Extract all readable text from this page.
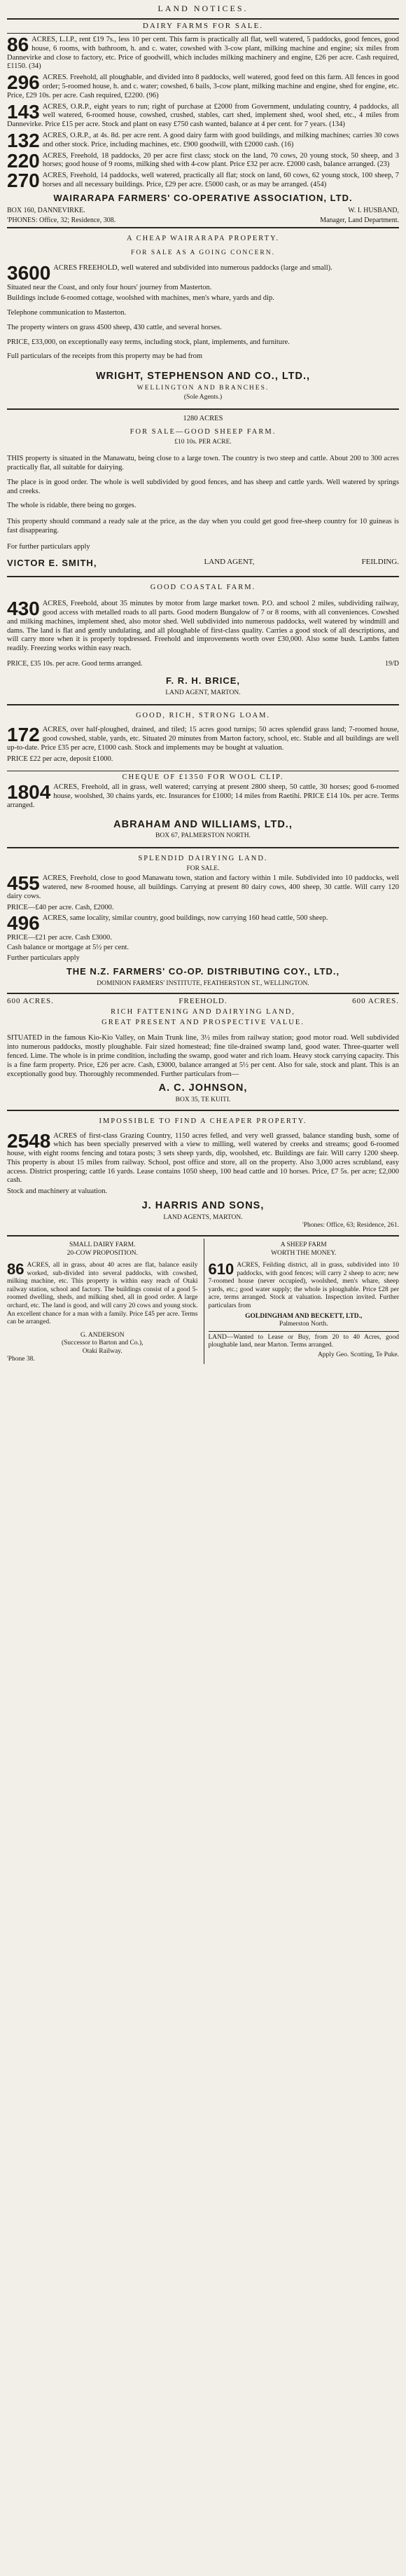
LAND NOTICES.
DAIRY FARMS FOR SALE.
86 ACRES, L.I.P., rent £19 7s., less 10 per cent. This farm is practically all flat, well watered, 5 paddocks, good fences, good house, 6 rooms, with bathroom, h. and c. water, cowshed with 3-cow plant, milking machine and engine; six miles from Dannevirke and close to factory, etc. Price of goodwill, which includes milking machinery and engine, £26 per acre. Cash required, £1150. (34)
296 ACRES. Freehold, all ploughable, and divided into 8 paddocks, well watered, good feed on this farm. All fences in good order; 5-roomed house, h. and c. water; cowshed, 6 bails, 3-cow plant, milking machine and engine, shed for engine, etc. Price, £29 10s. per acre. Cash required, £2200. (96)
143 ACRES, O.R.P., eight years to run; right of purchase at £2000 from Government, undulating country, 4 paddocks, all well watered, 6-roomed house, cowshed, crushed, stables, cart shed, implement shed, wool shed, etc., 4 miles from Dannevirke. Price £15 per acre. Stock and plant on easy £750 cash wanted, balance at 4 per cent. for 7 years. (134)
132 ACRES, O.R.P., at 4s. 8d. per acre rent. A good dairy farm with good buildings, and milking machines; carries 30 cows and other stock. Price, including machines, etc. £900 goodwill, with £2000 cash. (16)
220 ACRES, Freehold, 18 paddocks, 20 per acre first class; stock on the land, 70 cows, 20 young stock, 50 sheep, and 3 horses; good house of 9 rooms, milking shed with 4-cow plant. Price £32 per acre. £2000 cash, balance arranged. (23)
270 ACRES, Freehold, 14 paddocks, well watered, practically all flat; stock on land, 60 cows, 62 young stock, 100 sheep, 7 horses and all necessary buildings. Price, £29 per acre. £5000 cash, or as may be arranged. (454)
WAIRARAPA FARMERS' CO-OPERATIVE ASSOCIATION, LTD.
BOX 160, DANNEVIRKE.	W. I. HUSBAND,
'PHONES: Office, 32; Residence, 308.	Manager, Land Department.
A CHEAP WAIRARAPA PROPERTY.
FOR SALE AS A GOING CONCERN.
3600 ACRES FREEHOLD, well watered and subdivided into numerous paddocks (large and small).

Situated near the Coast, and only four hours' journey from Masterton.

Buildings include 6-roomed cottage, woolshed with machines, men's whare, yards and dip.

Telephone communication to Masterton.

The property winters on grass 4500 sheep, 430 cattle, and several horses.

PRICE, £33,000, on exceptionally easy terms, including stock, plant, implements, and furniture.

Full particulars of the receipts from this property may be had from

WRIGHT, STEPHENSON AND CO., LTD.,
WELLINGTON AND BRANCHES.
(Sole Agents.)
1280 ACRES
FOR SALE—GOOD SHEEP FARM.
£10 10s. PER ACRE.

THIS property is situated in the Manawatu, being close to a large town. The country is two steep and cattle. About 200 to 300 acres practically flat, all suitable for dairying.

The place is in good order. The whole is well subdivided by good fences, and has sheep and cattle yards. Well watered by springs and creeks.

The whole is ridable, there being no gorges.

This property should command a ready sale at the price, as the day when you could get good free-sheep country for 10 guineas is fast disappearing.

For further particulars apply

VICTOR E. SMITH,	LAND AGENT,	FEILDING.
GOOD COASTAL FARM.
430 ACRES, Freehold, about 35 minutes by motor from large market town. P.O. and school 2 miles, subdividing railway, good access with metalled roads to all parts. Good modern Bungalow of 7 or 8 rooms, with all conveniences. Cowshed and milking machines, implement shed, also motor shed. Well subdivided into numerous paddocks, well watered by windmill and dams. The land is flat and gently undulating, and all ploughable of first-class quality. Carries a good stock of all descriptions, and will carry more when it is properly topdressed. Freehold and improvements worth over £30,000. Also some bush. Lambs fatten readily. Freezing works within easy reach.
PRICE, £35 10s. per acre. Good terms arranged.	19/D
F. R. H. BRICE,
LAND AGENT, MARTON.
GOOD, RICH, STRONG LOAM.
172 ACRES, over half-ploughed, drained, and tiled; 15 acres good turnips; 50 acres splendid grass land; 7-roomed house, good cowshed, stable, yards, etc. Situated 20 minutes from Marton factory, school, etc. Stable and all buildings are well up-to-date. Price £35 per acre, £1000 cash. Stock and implements may be bought at valuation.

PRICE £22 per acre, deposit £1000.

CHEQUE OF £1350 FOR WOOL CLIP.
1804 ACRES, Freehold, all in grass, well watered; carrying at present 2800 sheep, 50 cattle, 30 horses; good 6-roomed house, woolshed, 30 chains yards, etc. Insurances for £1000; 14 miles from Raetihi. PRICE £14 10s. per acre. Terms arranged.
ABRAHAM AND WILLIAMS, LTD.,
BOX 67, PALMERSTON NORTH.
SPLENDID DAIRYING LAND.
FOR SALE.
455 ACRES, Freehold, close to good Manawatu town, station and factory within 1 mile. Subdivided into 10 paddocks, well watered, new 8-roomed house, all buildings. Carrying at present 80 dairy cows, 400 sheep, 30 cattle. Will carry 120 dairy cows.

PRICE—£40 per acre. Cash, £2000.

496 ACRES, same locality, similar country, good buildings, now carrying 160 head cattle, 500 sheep.

PRICE—£21 per acre. Cash £3000.

Cash balance or mortgage at 5½ per cent.

Further particulars apply

THE N.Z. FARMERS' CO-OP. DISTRIBUTING COY., LTD.,
DOMINION FARMERS' INSTITUTE, FEATHERSTON ST., WELLINGTON.
600 ACRES.	FREEHOLD.	600 ACRES.
RICH FATTENING AND DAIRYING LAND,
GREAT PRESENT AND PROSPECTIVE VALUE.
SITUATED in the famous Kio-Kio Valley, on Main Trunk line, 3½ miles from railway station; good motor road. Well subdivided into numerous paddocks, mostly ploughable. Fair sized homestead; fine tile-drained swamp land, good water. Three-quarter well fenced. Lime. The whole is in prime condition, including the swamp, good water and rich loam. Heavy stock carrying capacity. This is a fine farm property. Price, £26 per acre. Cash, £3000, balance arranged at 5½ per cent. Also for sale, stock and plant. This is an exceptionally good buy. Thoroughly recommended. Further particulars from—
A. C. JOHNSON,
BOX 35, TE KUITI.
IMPOSSIBLE TO FIND A CHEAPER PROPERTY.
2548 ACRES of first-class Grazing Country, 1150 acres felled, and very well grassed, balance standing bush, some of which has been specially preserved with a view to milling, well watered by creeks and streams; good 6-roomed house, with eight rooms fencing and totara posts; 3 sets sheep yards, dip, woolshed, etc. Buildings are fair. Will carry 1200 sheep. This property is about 15 miles from railway. School, post office and store, all on the property. Also 3,000 acres scrubland, easy access. District prospering; cattle 16 yards. Lease contains 1050 sheep, 100 head cattle and 10 horses. Price, £7 5s. per acre; £2,000 cash.

Stock and machinery at valuation.

J. HARRIS AND SONS,
LAND AGENTS, MARTON.
'Phones: Office, 63; Residence, 261.
SMALL DAIRY FARM.
20-COW PROPOSITION.
86 ACRES, all in grass, about 40 acres are flat, balance easily worked, sub-divided into several paddocks, with cowshed, milking machine, etc. This property is within easy reach of Otaki railway station, school and factory. The buildings consist of a good 5-roomed dwelling, sheds, and milking shed, all in good order. A large orchard, etc. The land is good, and will carry 20 cows and young stock. An excellent chance for a man with a family. Price £45 per acre. Terms can be arranged.
G. ANDERSON
(Successor to Barton and Co.),
Otaki Railway.
'Phone 38.
A SHEEP FARM
WORTH THE MONEY.
610 ACRES, Feilding district, all in grass, subdivided into 10 paddocks, with good fences; will carry 2 sheep to acre; new 7-roomed house (never occupied), woolshed, men's whare, sheep yards, etc.; good water supply; the whole is ploughable. Price £28 per acre, terms arranged. Stock at valuation. Inspection invited. Further particulars from
GOLDINGHAM AND BECKETT, LTD.,
Palmerston North.

LAND—Wanted to Lease or Buy, from 20 to 40 Acres, good ploughable land, near Marton. Terms arranged.

Apply Geo. Scotting, Te Puke.
